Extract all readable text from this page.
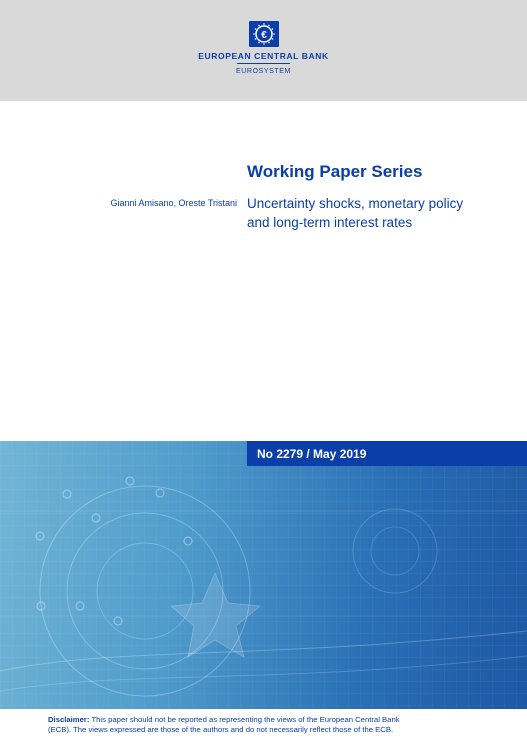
€
EUROPEAN CENTRAL BANK
EUROSYSTEM
Working Paper Series
Gianni Amisano, Oreste Tristani Uncertainty shocks, monetary policy
and long-term interest rates
No 2279 / May 2019
Disclaimer: This paper should not be reported as representing the views of the European Central Bank
(ECB). The views expressed are those of the authors and do not necessarily reflect those of the ECB.
